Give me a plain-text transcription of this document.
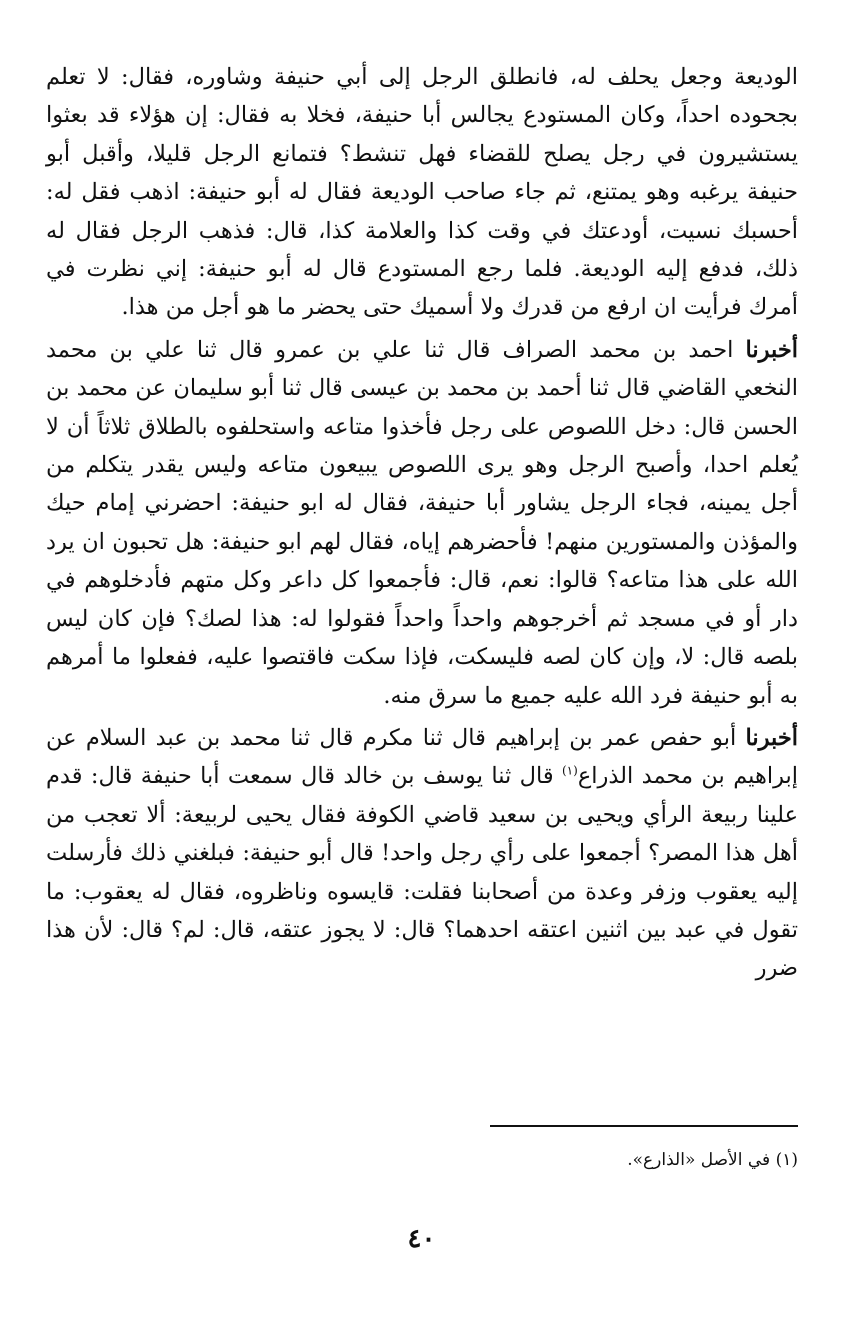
الوديعة وجعل يحلف له، فانطلق الرجل إلى أبي حنيفة وشاوره، فقال: لا تعلم بجحوده احداً، وكان المستودع يجالس أبا حنيفة، فخلا به فقال: إن هؤلاء قد بعثوا يستشيرون في رجل يصلح للقضاء فهل تنشط؟ فتمانع الرجل قليلا، وأقبل أبو حنيفة يرغبه وهو يمتنع، ثم جاء صاحب الوديعة فقال له أبو حنيفة: اذهب فقل له: أحسبك نسيت، أودعتك في وقت كذا والعلامة كذا، قال: فذهب الرجل فقال له ذلك، فدفع إليه الوديعة. فلما رجع المستودع قال له أبو حنيفة: إني نظرت في أمرك فرأيت ان ارفع من قدرك ولا أسميك حتى يحضر ما هو أجل من هذا.

أخبرنا احمد بن محمد الصراف قال ثنا علي بن عمرو قال ثنا علي بن محمد النخعي القاضي قال ثنا أحمد بن محمد بن عيسى قال ثنا أبو سليمان عن محمد بن الحسن قال: دخل اللصوص على رجل فأخذوا متاعه واستحلفوه بالطلاق ثلاثاً أن لا يُعلم احدا، وأصبح الرجل وهو يرى اللصوص يبيعون متاعه وليس يقدر يتكلم من أجل يمينه، فجاء الرجل يشاور أبا حنيفة، فقال له ابو حنيفة: احضرني إمام حيك والمؤذن والمستورين منهم! فأحضرهم إياه، فقال لهم ابو حنيفة: هل تحبون ان يرد الله على هذا متاعه؟ قالوا: نعم، قال: فأجمعوا كل داعر وكل متهم فأدخلوهم في دار أو في مسجد ثم أخرجوهم واحداً واحداً فقولوا له: هذا لصك؟ فإن كان ليس بلصه قال: لا، وإن كان لصه فليسكت، فإذا سكت فاقتصوا عليه، ففعلوا ما أمرهم به أبو حنيفة فرد الله عليه جميع ما سرق منه.

أخبرنا أبو حفص عمر بن إبراهيم قال ثنا مكرم قال ثنا محمد بن عبد السلام عن إبراهيم بن محمد الذراع$^{(١)}$ قال ثنا يوسف بن خالد قال سمعت أبا حنيفة قال: قدم علينا ربيعة الرأي ويحيى بن سعيد قاضي الكوفة فقال يحيى لربيعة: ألا تعجب من أهل هذا المصر؟ أجمعوا على رأي رجل واحد! قال أبو حنيفة: فبلغني ذلك فأرسلت إليه يعقوب وزفر وعدة من أصحابنا فقلت: قايسوه وناظروه، فقال له يعقوب: ما تقول في عبد بين اثنين اعتقه احدهما؟ قال: لا يجوز عتقه، قال: لم؟ قال: لأن هذا ضرر

(١) في الأصل «الذارع».
٤٠
